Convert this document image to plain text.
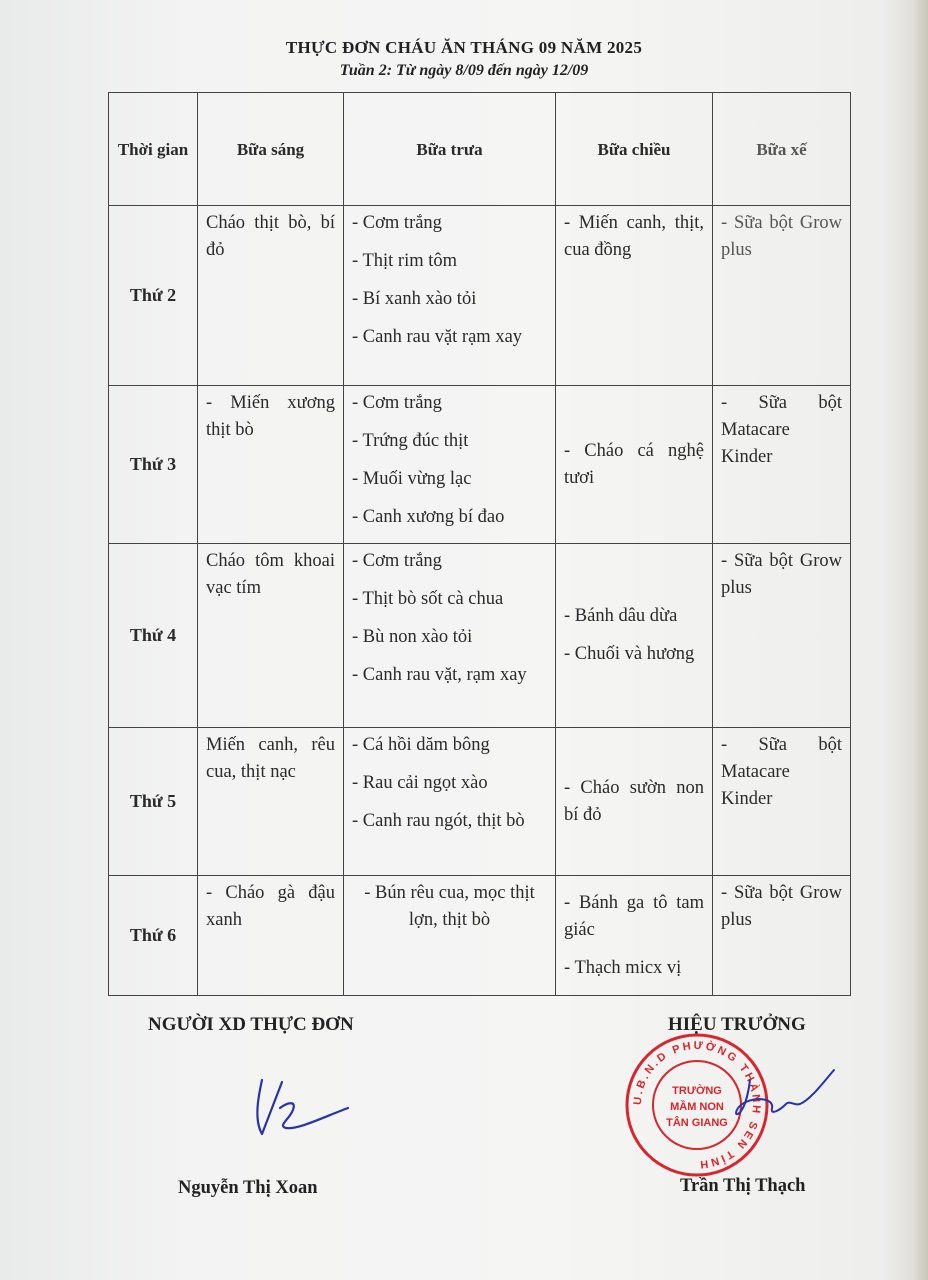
THỰC ĐƠN CHÁU ĂN THÁNG 09 NĂM 2025
Tuần 2: Từ ngày 8/09 đến ngày 12/09
Thời gian	Bữa sáng	Bữa trưa	Bữa chiều	Bữa xế
Thứ 2	Cháo thịt bò, bí đỏ	- Cơm trắng
- Thịt rim tôm
- Bí xanh xào tỏi
- Canh rau vặt rạm xay	- Miến canh, thịt, cua đồng	- Sữa bột Grow plus

Thứ 3	- Miến xương thịt bò	- Cơm trắng
- Trứng đúc thịt
- Muối vừng lạc
- Canh xương bí đao	- Cháo cá nghệ tươi	- Sữa bột Matacare Kinder

Thứ 4	Cháo tôm khoai vạc tím	- Cơm trắng
- Thịt bò sốt cà chua
- Bù non xào tỏi
- Canh rau vặt, rạm xay	- Bánh dâu dừa
- Chuối và hương	- Sữa bột Grow plus

Thứ 5	Miến canh, rêu cua, thịt nạc	- Cá hồi dăm bông
- Rau cải ngọt xào
- Canh rau ngót, thịt bò	- Cháo sườn non bí đỏ	- Sữa bột Matacare Kinder

Thứ 6	- Cháo gà đậu xanh	- Bún rêu cua, mọc thịt lợn, thịt bò	- Bánh ga tô tam giác
- Thạch micx vị	- Sữa bột Grow plus
NGƯỜI XD THỰC ĐƠN	HIỆU TRƯỞNG
U.B.N.D PHƯỜNG THÀNH SEN TỈNH
TRƯỜNG
MẦM NON
TÂN GIANG
Nguyễn Thị Xoan	Trần Thị Thạch
